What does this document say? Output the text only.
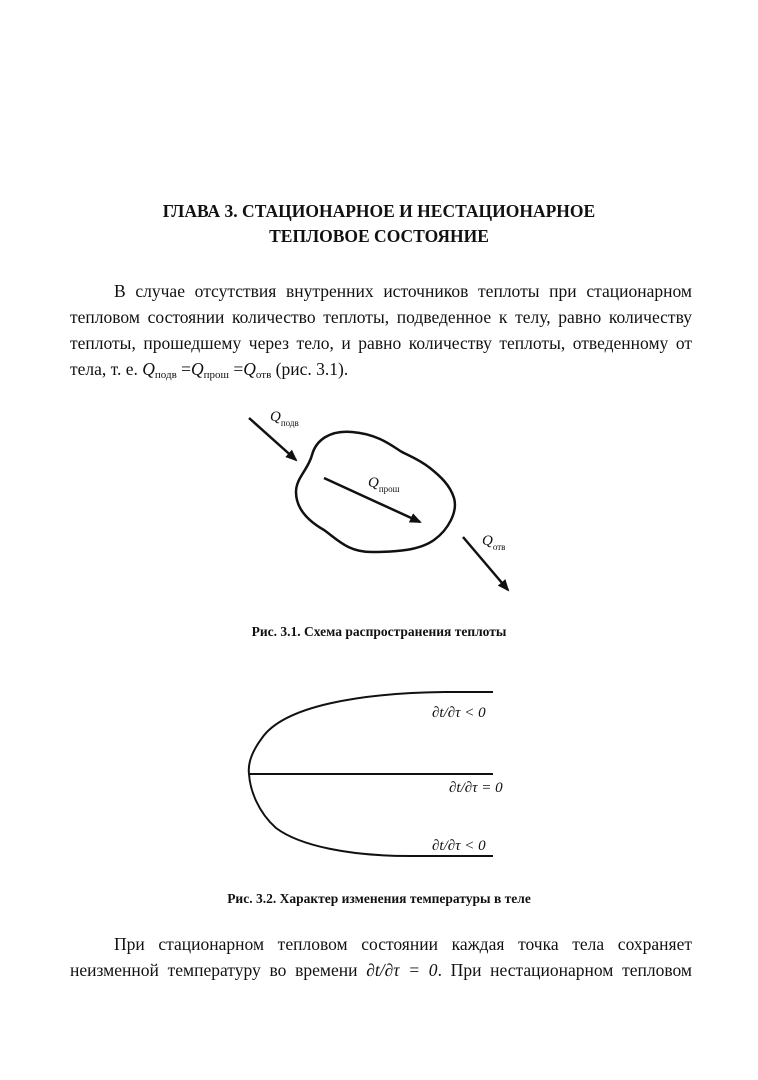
ГЛАВА 3. СТАЦИОНАРНОЕ И НЕСТАЦИОНАРНОЕ
ТЕПЛОВОЕ СОСТОЯНИЕ
В случае отсутствия внутренних источников теплоты при стационарном
тепловом состоянии количество теплоты, подведенное к телу, равно количеству
теплоты, прошедшему через тело, и равно количеству теплоты, отведенному от
тела, т. е. $Q_{подв} =Q_{прош} =Q_{отв}$ (рис. 3.1).
$Q_{подв}$
$Q_{прош}$
$Q_{отв}$
Рис. 3.1. Схема распространения теплоты
∂t/∂τ < 0
∂t/∂τ = 0
∂t/∂τ < 0
Рис. 3.2. Характер изменения температуры в теле
При стационарном тепловом состоянии каждая точка тела сохраняет
неизменной температуру во времени ∂t/∂τ = 0. При нестационарном тепловом
